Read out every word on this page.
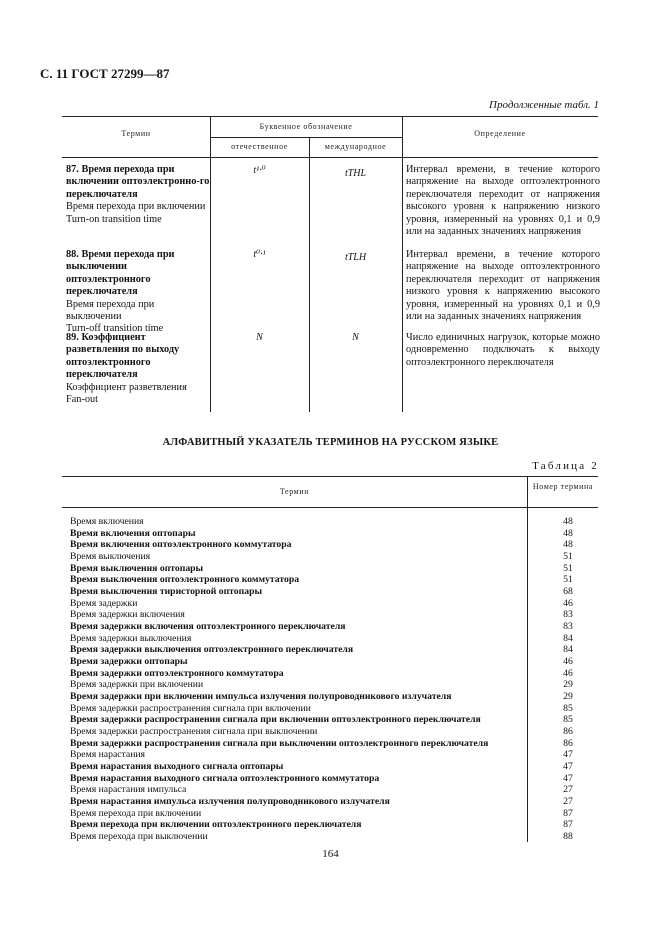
С. 11 ГОСТ 27299—87
Продолженные табл. 1
Термин
Буквенное обозначение
отечественное	международное
Определение
87. Время перехода при включении оптоэлектронно-го переключателя
Время перехода при включении
Turn-on transition time
t¹·⁰	tTHL	Интервал времени, в течение которого напряжение на выходе оптоэлектронного переключателя переходит от напряжения высокого уровня к напряжению низкого уровня, измеренный на уровнях 0,1 и 0,9 или на заданных значениях напряжения
88. Время перехода при выключении оптоэлектронного переключателя
Время перехода при выключении
Turn-off transition time
t⁰·¹	tTLH	Интервал времени, в течение которого напряжение на выходе оптоэлектронного переключателя переходит от напряжения низкого уровня к напряжению высокого уровня, измеренный на уровнях 0,1 и 0,9 или на заданных значениях напряжения
89. Коэффициент разветвления по выходу оптоэлектронного переключателя
Коэффициент разветвления
Fan-out
N	N	Число единичных нагрузок, которые можно одновременно подключать к выходу оптоэлектронного переключателя
АЛФАВИТНЫЙ УКАЗАТЕЛЬ ТЕРМИНОВ НА РУССКОМ ЯЗЫКЕ
Таблица 2
Термин
Номер термина
Время включения	48
Время включения оптопары	48
Время включения оптоэлектронного коммутатора	48
Время выключения	51
Время выключения оптопары	51
Время выключения оптоэлектронного коммутатора	51
Время выключения тиристорной оптопары	68
Время задержки	46
Время задержки включения	83
Время задержки включения оптоэлектронного переключателя	83
Время задержки выключения	84
Время задержки выключения оптоэлектронного переключателя	84
Время задержки оптопары	46
Время задержки оптоэлектронного коммутатора	46
Время задержки при включении	29
Время задержки при включении импульса излучения полупроводникового излучателя	29
Время задержки распространения сигнала при включении	85
Время задержки распространения сигнала при включении оптоэлектронного переключателя	85
Время задержки распространения сигнала при выключении	86
Время задержки распространения сигнала при выключении оптоэлектронного переключателя	86
Время нарастания	47
Время нарастания выходного сигнала оптопары	47
Время нарастания выходного сигнала оптоэлектронного коммутатора	47
Время нарастания импульса	27
Время нарастания импульса излучения полупроводникового излучателя	27
Время перехода при включении	87
Время перехода при включении оптоэлектронного переключателя	87
Время перехода при выключении	88
164
